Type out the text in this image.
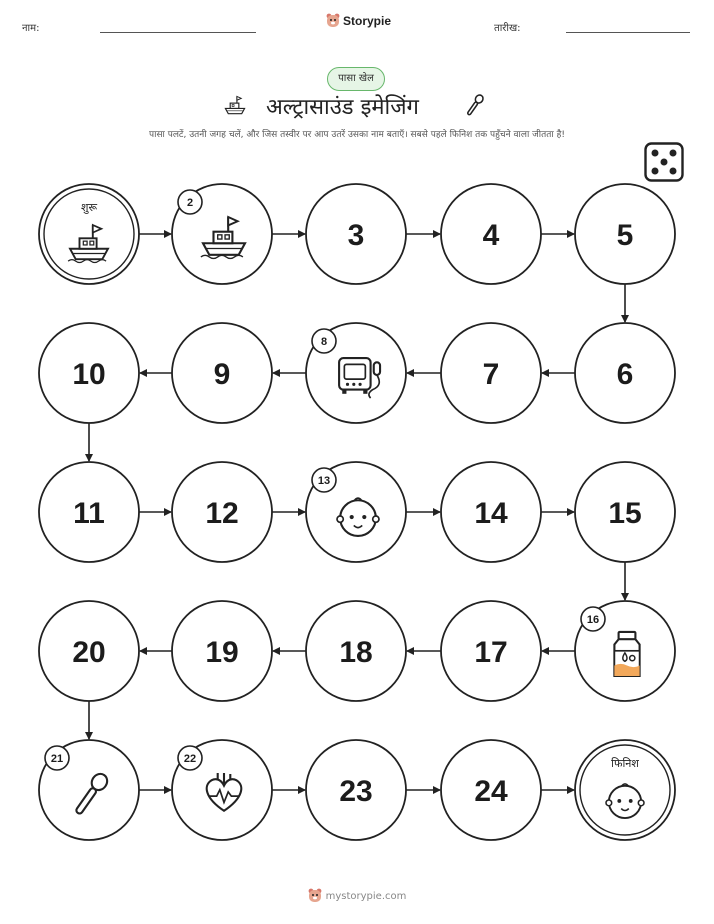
नाम:
Storypie
तारीख:
पासा खेल
अल्ट्रासाउंड इमेजिंग
पासा पलटें, उतनी जगह चलें, और जिस तस्वीर पर आप उतरें उसका नाम बताएँ। सबसे पहले फिनिश तक पहुँचने वाला जीतता है!
शुरू	2
3	4	5
6
7
8
9
10
11	12
13
14	15
16
17
18
19
20
21	22
23	24
फिनिश
mystorypie.com
